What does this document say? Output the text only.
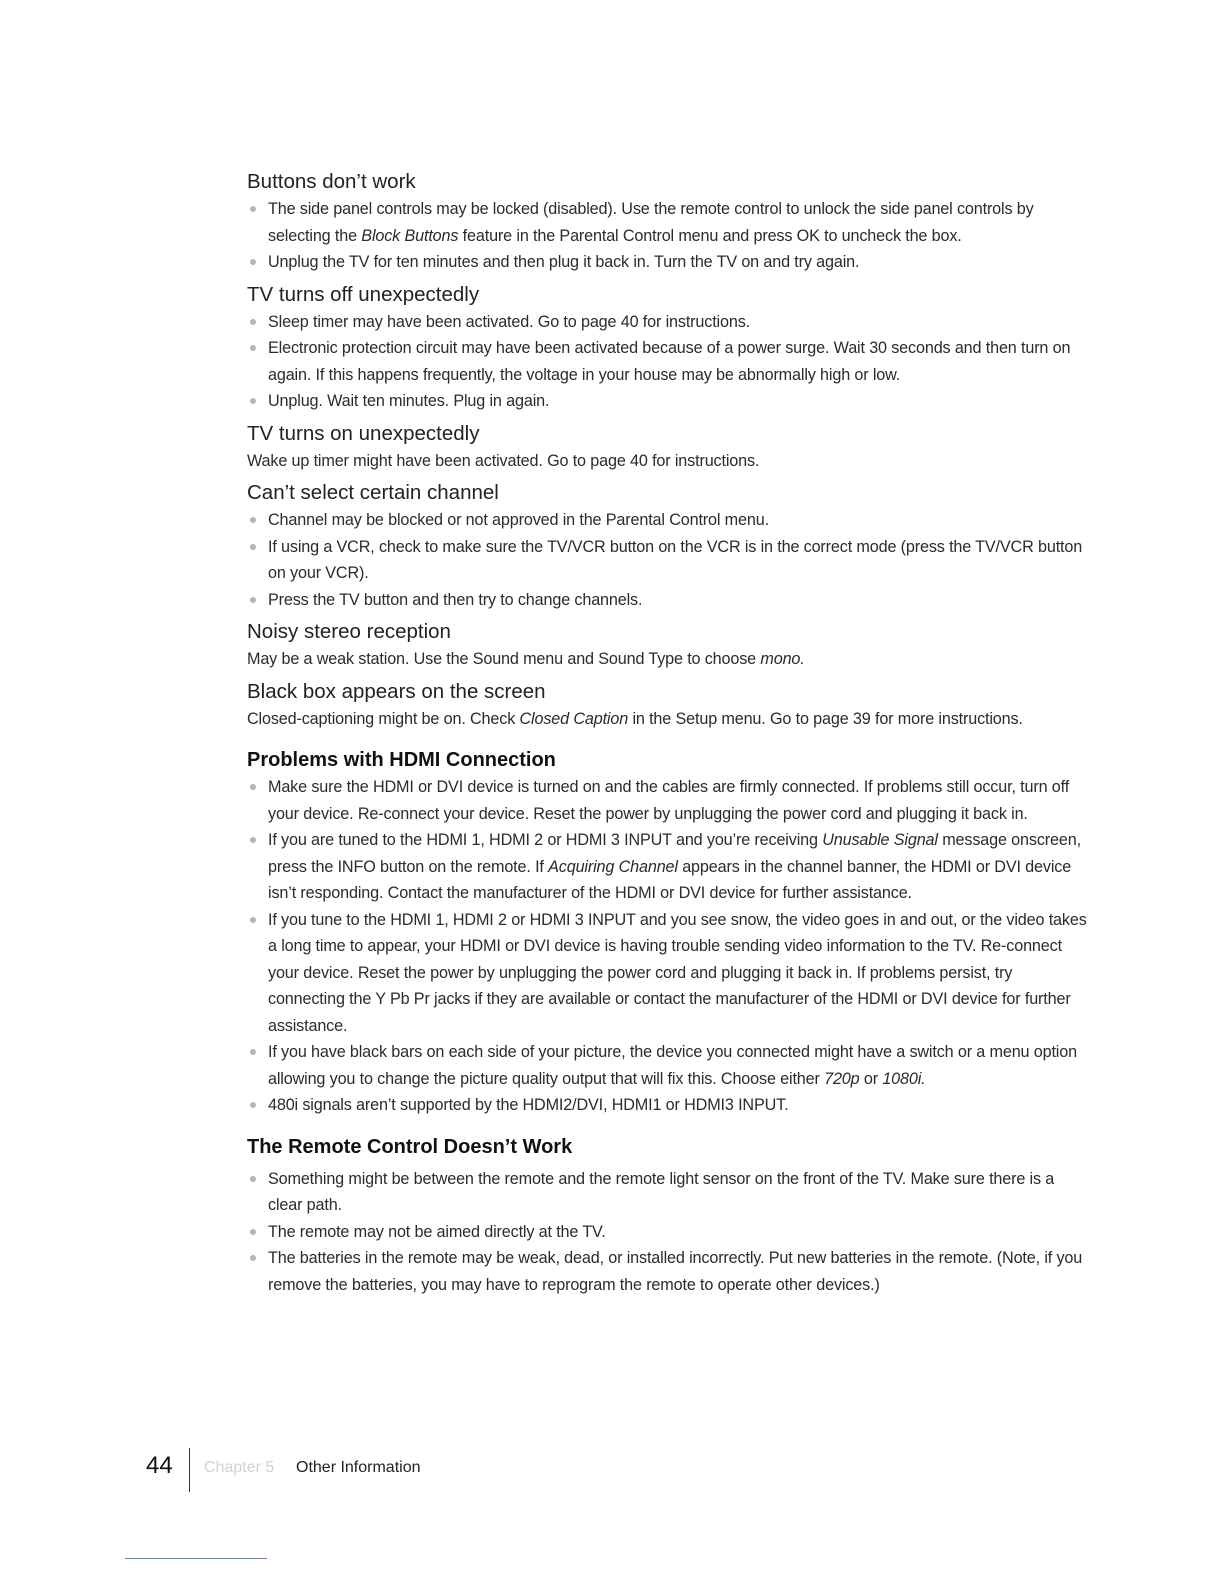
Buttons don’t work
The side panel controls may be locked (disabled). Use the remote control to unlock the side panel controls by selecting the Block Buttons feature in the Parental Control menu and press OK to uncheck the box.
Unplug the TV for ten minutes and then plug it back in. Turn the TV on and try again.
TV turns off unexpectedly
Sleep timer may have been activated. Go to page 40 for instructions.
Electronic protection circuit may have been activated because of a power surge. Wait 30 seconds and then turn on again. If this happens frequently, the voltage in your house may be abnormally high or low.
Unplug. Wait ten minutes. Plug in again.
TV turns on unexpectedly

Wake up timer might have been activated. Go to page 40 for instructions.

Can’t select certain channel
Channel may be blocked or not approved in the Parental Control menu.
If using a VCR, check to make sure the TV/VCR button on the VCR is in the correct mode (press the TV/VCR button on your VCR).
Press the TV button and then try to change channels.
Noisy stereo reception

May be a weak station. Use the Sound menu and Sound Type to choose mono.

Black box appears on the screen

Closed-captioning might be on. Check Closed Caption in the Setup menu. Go to page 39 for more instructions.

Problems with HDMI Connection
Make sure the HDMI or DVI device is turned on and the cables are firmly connected. If problems still occur, turn off your device. Re-connect your device. Reset the power by unplugging the power cord and plugging it back in.
If you are tuned to the HDMI 1, HDMI 2 or HDMI 3 INPUT and you’re receiving Unusable Signal message onscreen, press the INFO button on the remote. If Acquiring Channel appears in the channel banner, the HDMI or DVI device isn’t responding. Contact the manufacturer of the HDMI or DVI device for further assistance.
If you tune to the HDMI 1, HDMI 2 or HDMI 3 INPUT and you see snow, the video goes in and out, or the video takes a long time to appear, your HDMI or DVI device is having trouble sending video information to the TV. Re-connect your device. Reset the power by unplugging the power cord and plugging it back in. If problems persist, try connecting the Y Pb Pr jacks if they are available or contact the manufacturer of the HDMI or DVI device for further assistance.
If you have black bars on each side of your picture, the device you connected might have a switch or a menu option allowing you to change the picture quality output that will fix this. Choose either 720p or 1080i.
480i signals aren’t supported by the HDMI2/DVI, HDMI1 or HDMI3 INPUT.
The Remote Control Doesn’t Work
Something might be between the remote and the remote light sensor on the front of the TV. Make sure there is a clear path.
The remote may not be aimed directly at the TV.
The batteries in the remote may be weak, dead, or installed incorrectly. Put new batteries in the remote. (Note, if you remove the batteries, you may have to reprogram the remote to operate other devices.)
44 Chapter 5 Other Information
